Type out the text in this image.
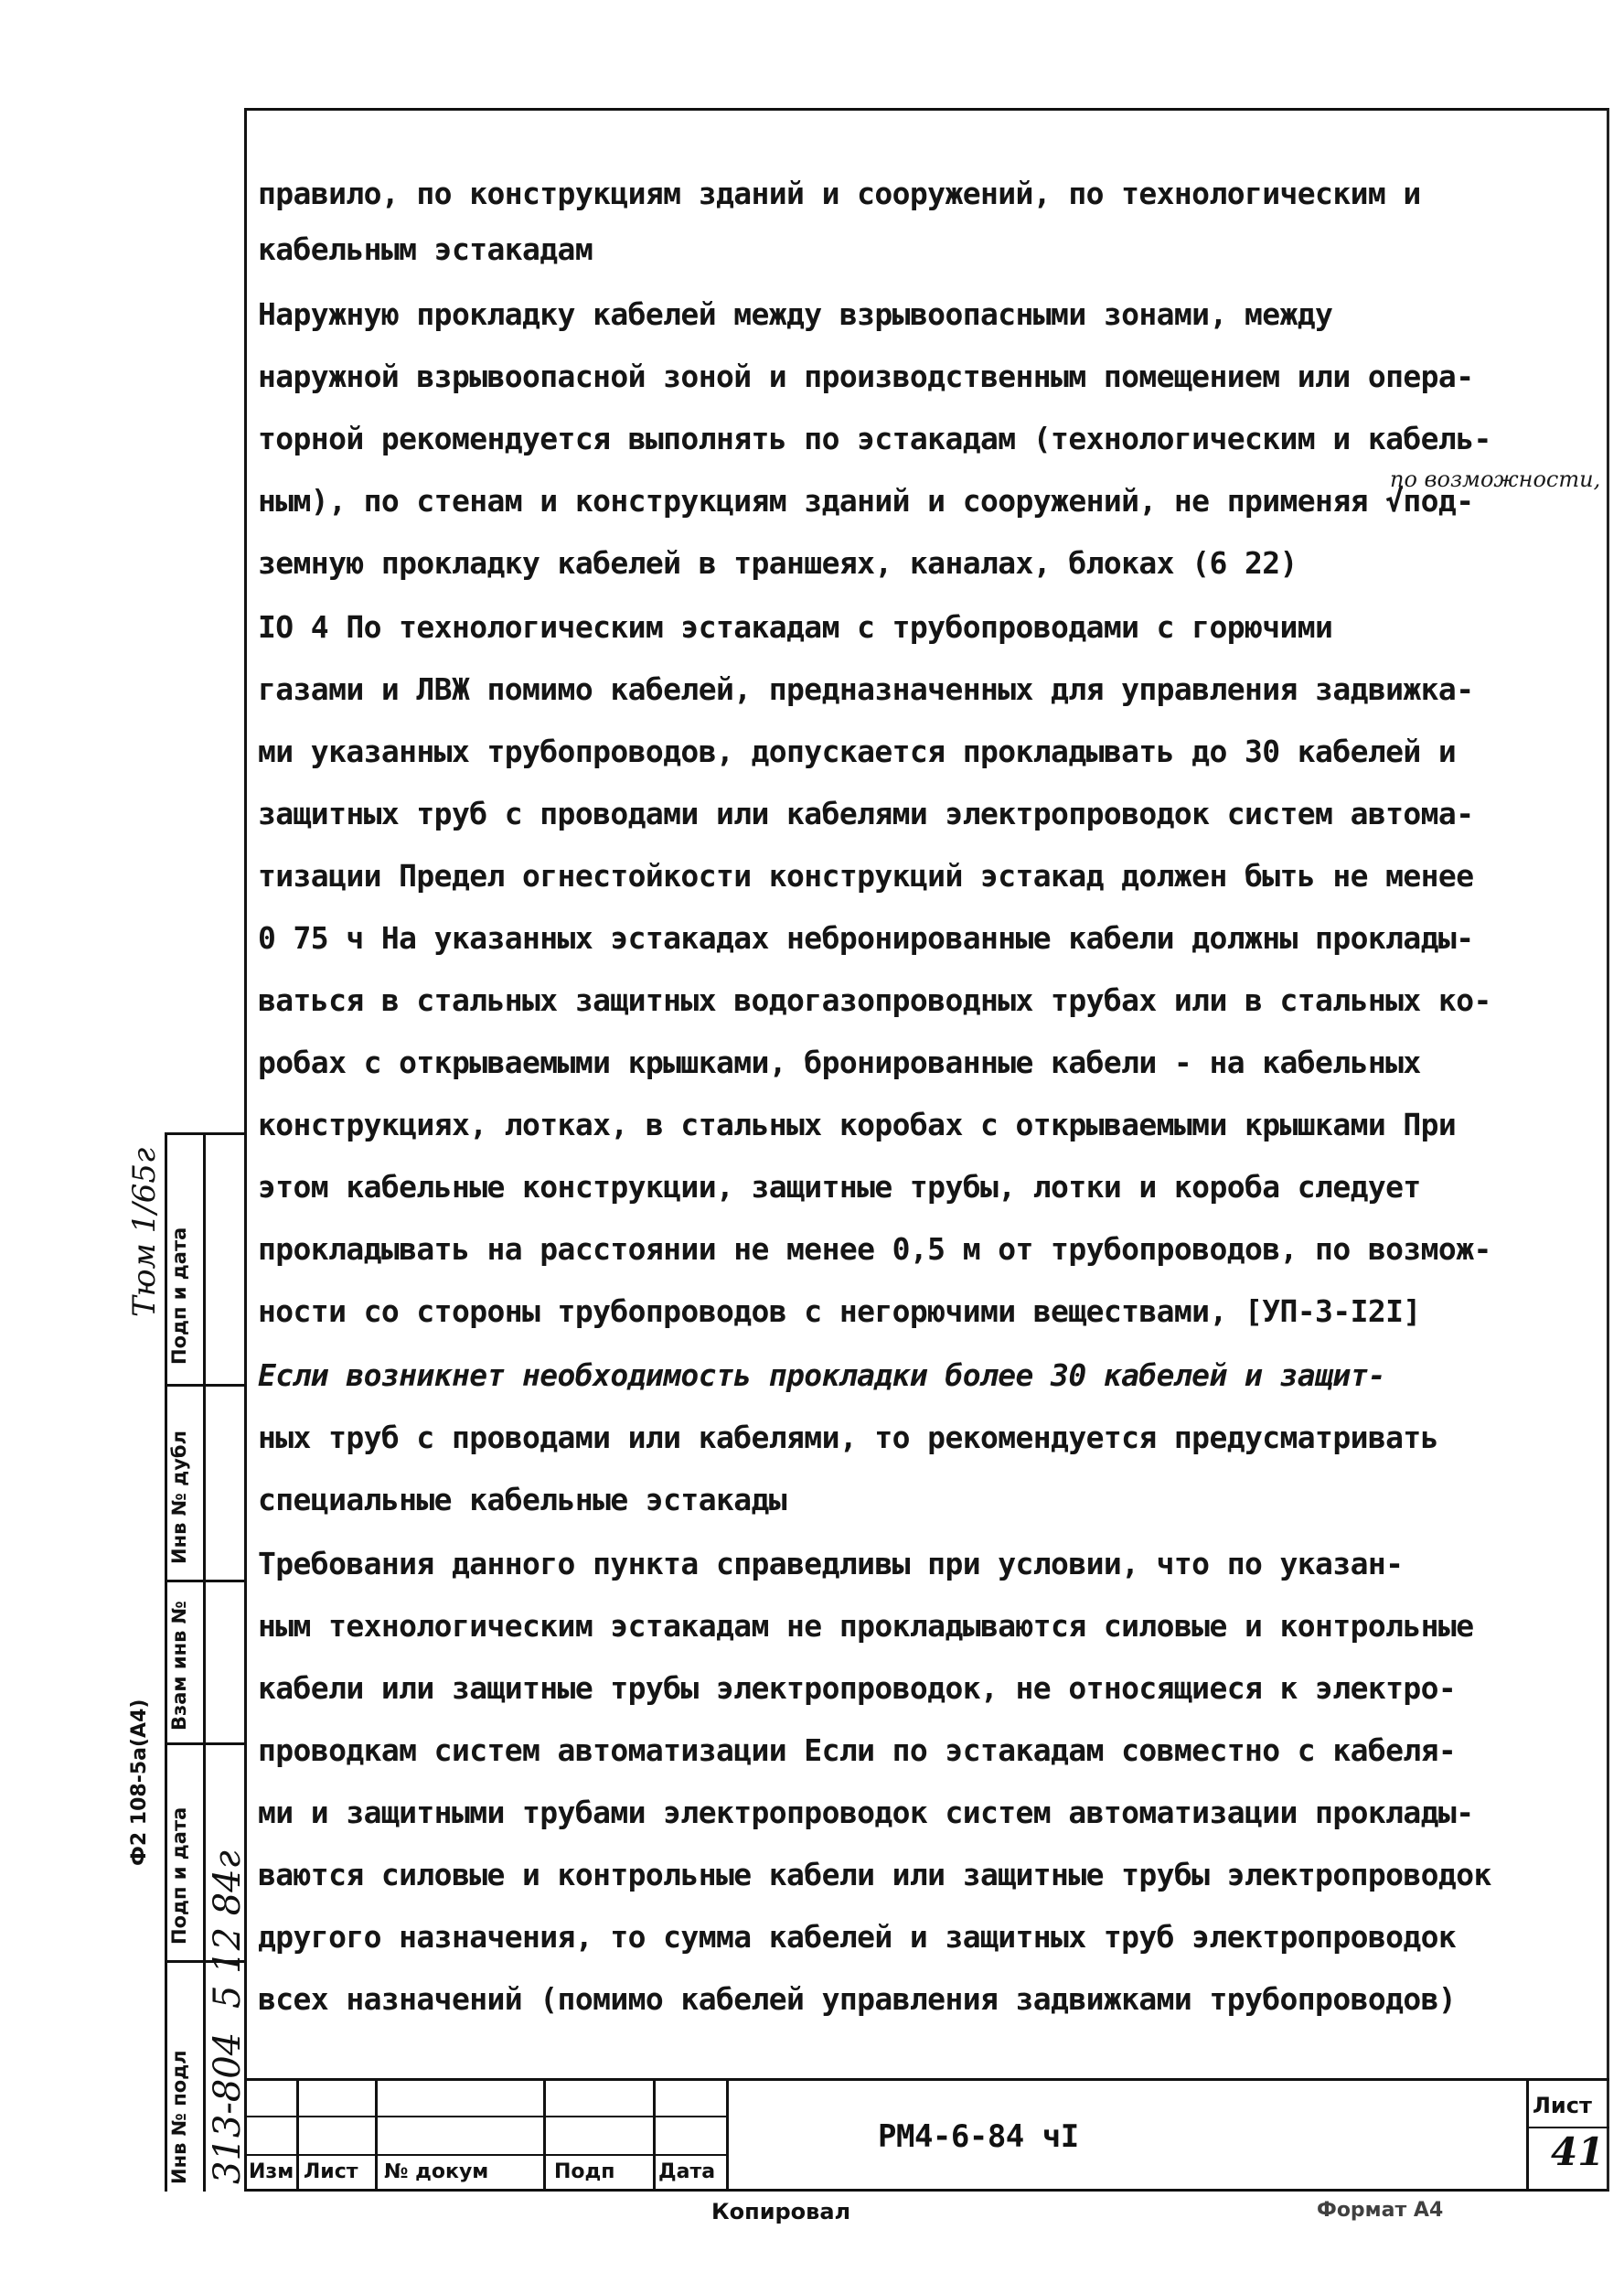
правило, по конструкциям зданий и сооружений, по технологическим и
кабельным эстакадам
Наружную прокладку кабелей между взрывоопасными зонами, между
наружной взрывоопасной зоной и производственным помещением или опера-
торной рекомендуется выполнять по эстакадам (технологическим и кабель-
ным), по стенам и конструкциям зданий и сооружений, не применяя √под-
земную прокладку кабелей в траншеях, каналах, блоках (6 22)
IO 4 По технологическим эстакадам с трубопроводами с горючими
газами и ЛВЖ помимо кабелей, предназначенных для управления задвижка-
ми указанных трубопроводов, допускается прокладывать до 30 кабелей и
защитных труб с проводами или кабелями электропроводок систем автома-
тизации Предел огнестойкости конструкций эстакад должен быть не менее
0 75 ч На указанных эстакадах небронированные кабели должны проклады-
ваться в стальных защитных водогазопроводных трубах или в стальных ко-
робах с открываемыми крышками, бронированные кабели - на кабельных
конструкциях, лотках, в стальных коробах с открываемыми крышками При
этом кабельные конструкции, защитные трубы, лотки и короба следует
прокладывать на расстоянии не менее 0,5 м от трубопроводов, по возмож-
ности со стороны трубопроводов с негорючими веществами, [УП-3-I2I]
Если возникнет необходимость прокладки более 30 кабелей и защит-
ных труб с проводами или кабелями, то рекомендуется предусматривать
специальные кабельные эстакады
Требования данного пункта справедливы при условии, что по указан-
ным технологическим эстакадам не прокладываются силовые и контрольные
кабели или защитные трубы электропроводок, не относящиеся к электро-
проводкам систем автоматизации Если по эстакадам совместно с кабеля-
ми и защитными трубами электропроводок систем автоматизации проклады-
ваются силовые и контрольные кабели или защитные трубы электропроводок
другого назначения, то сумма кабелей и защитных труб электропроводок
всех назначений (помимо кабелей управления задвижками трубопроводов)
по возможности,
Подп и дата
Инв № дубл
Взам инв №
Подп и дата
Инв № подл
Ф2 108-5а(А4)
313-804
5 12 84г
Тюм 1/65г
Изм Лист № докум	Подп Дата
РМ4-6-84 чI
Лист
41
Копировал	Формат А4
